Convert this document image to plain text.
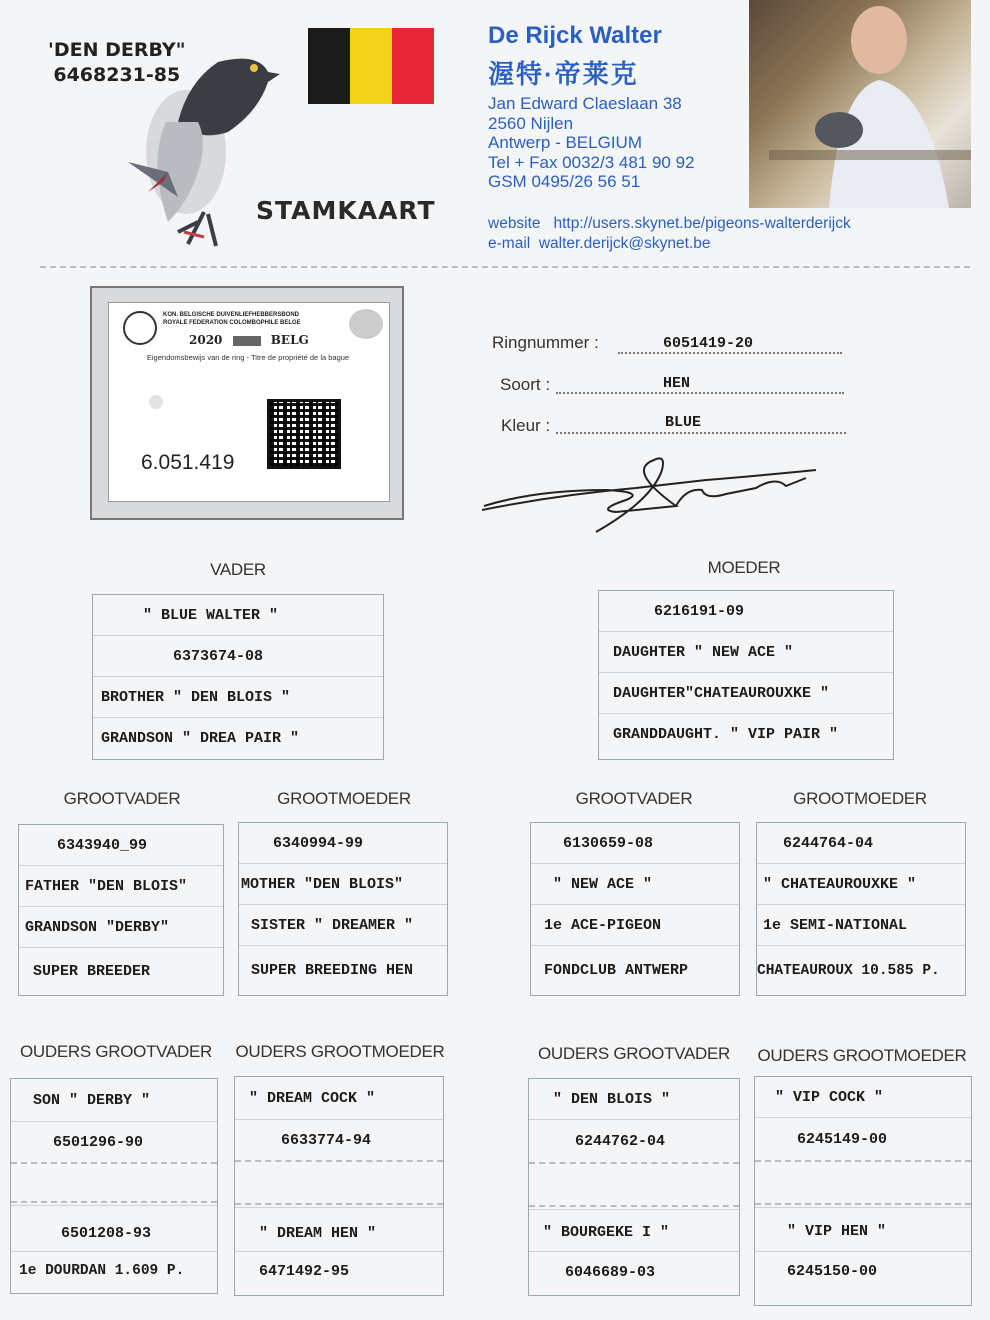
'DEN DERBY"
6468231-85
STAMKAART
De Rijck Walter
渥特·帝莱克
Jan Edward Claeslaan 38
2560 Nijlen
Antwerp - BELGIUM
Tel + Fax 0032/3 481 90 92
GSM 0495/26 56 51
website http://users.skynet.be/pigeons-walterderijck
e-mail walter.derijck@skynet.be
KON. BELGISCHE DUIVENLIEFHEBBERSBOND
ROYALE FEDERATION COLOMBOPHILE BELGE
2020	BELG
Eigendomsbewijs van de ring - Titre de propriété de la bague
6.051.419
Ringnummer :	6051419-20
Soort :	HEN
Kleur :	BLUE
VADER
" BLUE WALTER "
6373674-08
BROTHER " DEN BLOIS "
GRANDSON " DREA PAIR "
MOEDER
6216191-09
DAUGHTER " NEW ACE "
DAUGHTER"CHATEAUROUXKE "
GRANDDAUGHT. " VIP PAIR "
GROOTVADER	GROOTMOEDER	GROOTVADER	GROOTMOEDER
6343940_99
FATHER "DEN BLOIS"
GRANDSON "DERBY"
SUPER BREEDER
6340994-99
MOTHER "DEN BLOIS"
SISTER " DREAMER "
SUPER BREEDING HEN
6130659-08
" NEW ACE "
1e ACE-PIGEON
FONDCLUB ANTWERP
6244764-04
" CHATEAUROUXKE "
1e SEMI-NATIONAL
CHATEAUROUX 10.585 P.
OUDERS GROOTVADER	OUDERS GROOTMOEDER	OUDERS GROOTVADER	OUDERS GROOTMOEDER
SON " DERBY "
6501296-90
6501208-93
1e DOURDAN 1.609 P.
" DREAM COCK "
6633774-94
" DREAM HEN "
6471492-95
" DEN BLOIS "
6244762-04
" BOURGEKE I "
6046689-03
" VIP COCK "
6245149-00
" VIP HEN "
6245150-00
